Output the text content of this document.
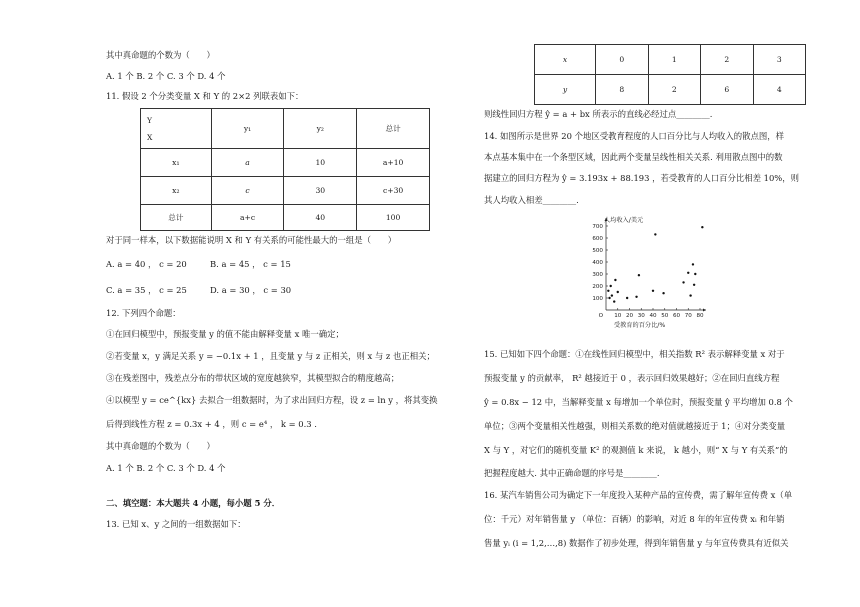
其中真命题的个数为（　　）
A. 1 个 B. 2 个 C. 3 个 D. 4 个
11. 假设 2 个分类变量 X 和 Y 的 2×2 列联表如下：
Y
X	y₁	y₂	总计
x₁	a	10	a+10
x₂	c	30	c+30
总计	a+c	40	100
对于同一样本，以下数据能说明 X 和 Y 有关系的可能性最大的一组是（　　）
A. a = 40 ， c = 20	B. a = 45 ， c = 15
C. a = 35 ， c = 25	D. a = 30 ， c = 30
12. 下列四个命题：
①在回归模型中，预报变量 y 的值不能由解释变量 x 唯一确定；
②若变量 x，y 满足关系 y = −0.1x + 1 ，且变量 y 与 z 正相关，则 x 与 z 也正相关；
③在残差图中，残差点分布的带状区域的宽度越狭窄，其模型拟合的精度越高；
④以模型 y = ce^{kx} 去拟合一组数据时，为了求出回归方程，设 z = ln y ，将其变换
后得到线性方程 z = 0.3x + 4 ，则 c = e⁴ ， k = 0.3 .
其中真命题的个数为（　　）
A. 1 个 B. 2 个 C. 3 个 D. 4 个
二、填空题：本大题共 4 小题，每小题 5 分．
13. 已知 x、y 之间的一组数据如下：
x	0	1	2	3
y	8	2	6	4
则线性回归方程 ŷ = a + bx 所表示的直线必经过点________.
14. 如图所示是世界 20 个地区受教育程度的人口百分比与人均收入的散点图，样
本点基本集中在一个条型区域，因此两个变量呈线性相关关系. 利用散点图中的数
据建立的回归方程为 ŷ = 3.193x + 88.193 ，若受教育的人口百分比相差 10%，则
其人均收入相差________.
人均收入/美元
受教育的百分比/%
100
200
300
400
500
600
700
10 20 30 40 50 60 70 80
O
15. 已知如下四个命题：①在线性回归模型中，相关指数 R² 表示解释变量 x 对于
预报变量 y 的贡献率， R² 越接近于 0 ，表示回归效果越好；②在回归直线方程
ŷ = 0.8x − 12 中，当解释变量 x 每增加一个单位时，预报变量 ŷ 平均增加 0.8 个
单位；③两个变量相关性越强，则相关系数的绝对值就越接近于 1；④对分类变量
X 与 Y ，对它们的随机变量 K² 的观测值 k 来说， k 越小，则“ X 与 Y 有关系”的
把握程度越大. 其中正确命题的序号是________.
16. 某汽车销售公司为确定下一年度投入某种产品的宣传费，需了解年宣传费 x（单
位：千元）对年销售量 y （单位：百辆）的影响，对近 8 年的年宣传费 xᵢ 和年销
售量 yᵢ (i = 1,2,…,8) 数据作了初步处理，得到年销售量 y 与年宣传费具有近似关
